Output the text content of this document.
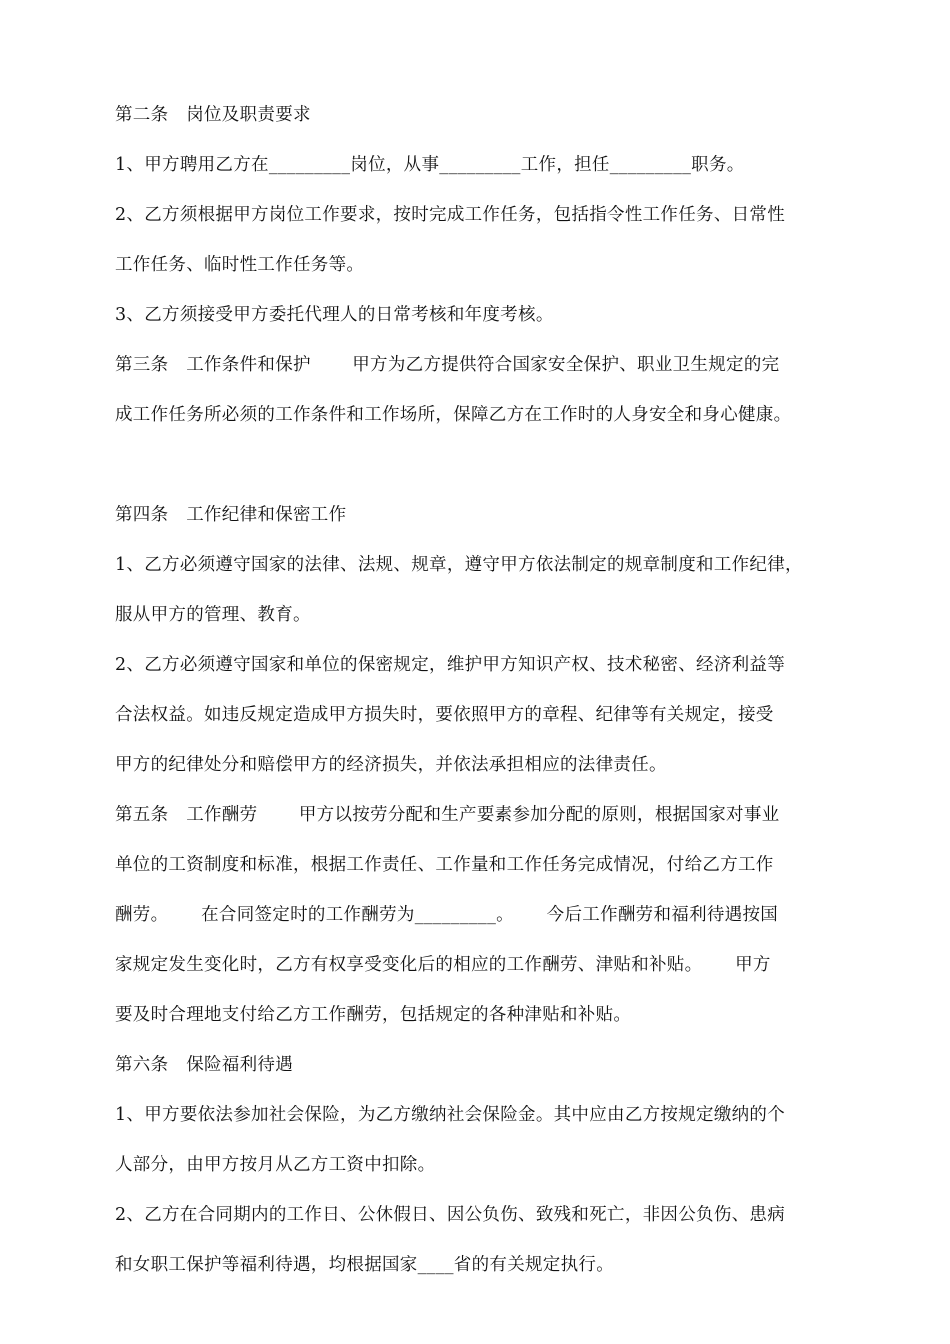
第二条　岗位及职责要求
1、甲方聘用乙方在_________岗位，从事_________工作，担任_________职务。
2、乙方须根据甲方岗位工作要求，按时完成工作任务，包括指令性工作任务、日常性
工作任务、临时性工作任务等。
3、乙方须接受甲方委托代理人的日常考核和年度考核。
第三条　工作条件和保护　　 甲方为乙方提供符合国家安全保护、职业卫生规定的完
成工作任务所必须的工作条件和工作场所，保障乙方在工作时的人身安全和身心健康。
第四条　工作纪律和保密工作
1、乙方必须遵守国家的法律、法规、规章，遵守甲方依法制定的规章制度和工作纪律，
服从甲方的管理、教育。
2、乙方必须遵守国家和单位的保密规定，维护甲方知识产权、技术秘密、经济利益等
合法权益。如违反规定造成甲方损失时，要依照甲方的章程、纪律等有关规定，接受
甲方的纪律处分和赔偿甲方的经济损失，并依法承担相应的法律责任。
第五条　工作酬劳　　 甲方以按劳分配和生产要素参加分配的原则，根据国家对事业
单位的工资制度和标准，根据工作责任、工作量和工作任务完成情况，付给乙方工作
酬劳。　　 在合同签定时的工作酬劳为_________。　　 今后工作酬劳和福利待遇按国
家规定发生变化时，乙方有权享受变化后的相应的工作酬劳、津贴和补贴。　　 甲方
要及时合理地支付给乙方工作酬劳，包括规定的各种津贴和补贴。
第六条　保险福利待遇
1、甲方要依法参加社会保险，为乙方缴纳社会保险金。其中应由乙方按规定缴纳的个
人部分，由甲方按月从乙方工资中扣除。
2、乙方在合同期内的工作日、公休假日、因公负伤、致残和死亡，非因公负伤、患病
和女职工保护等福利待遇，均根据国家____省的有关规定执行。
